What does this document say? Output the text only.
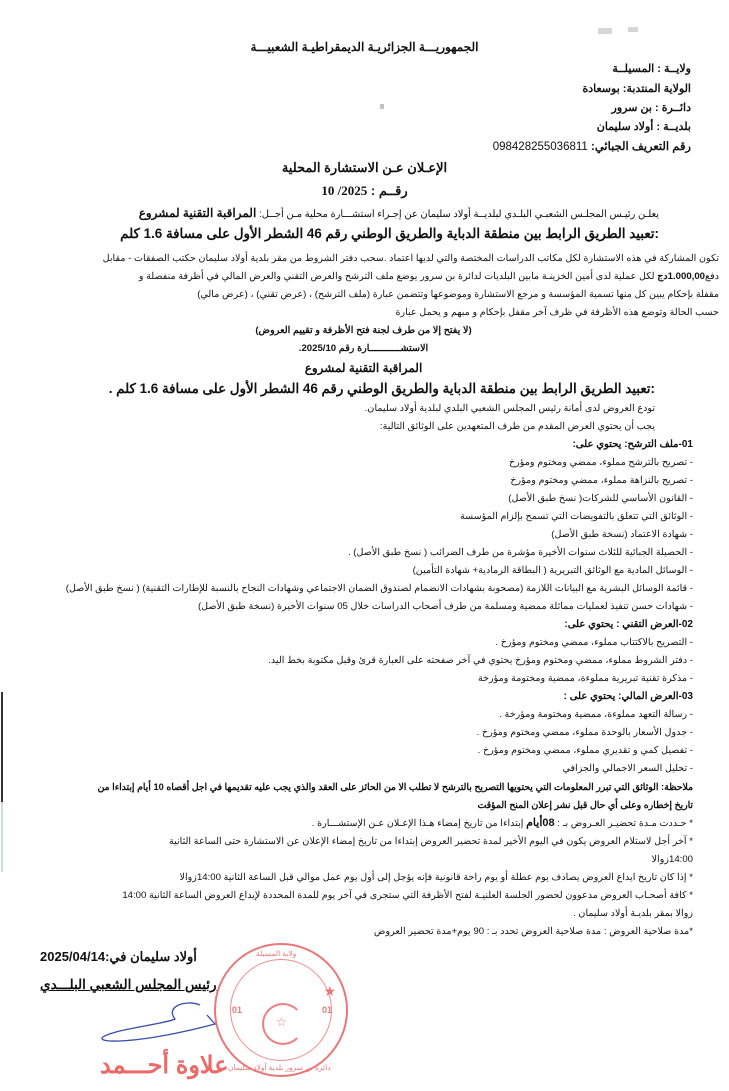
الجمهوريـــة الجزائريـة الديمقراطيـة الشعبيـــة
ولايــة : المسيلــة
الولاية المنتدبة: بوسعادة
دائــرة : بن سرور
بلديــة : أولاد سليمان
رقم التعريف الجبائي: 098428255036811
الإعـلان عـن الاستشارة المحلية
رقــم : 10 /2025
يعلـن رئيـس المجلـس الشعبـي البلـدي لبلديــة أولاد سليمان عن إجـراء استشـــارة محلية مـن أجــل: المراقبة التقنية لمشروع
:تعبيد الطريق الرابط بين منطقة الدباية والطريق الوطني رقم 46 الشطر الأول على مسافة 1.6 كلم
تكون المشاركة في هذه الاستشارة لكل مكاتب الدراسات المختصة والتي لديها اعتماد .سحب دفتر الشروط من مقر بلدية أولاد سليمان حكتب الصفقات - مقابل
دفع1.000,00دج لكل عملية لدى أمين الخزينـة مابين البلديات لدائرة بن سرور يوضع ملف الترشح والعرض التقني والعرض المالي في أظرفة منفصلة و
مقفلة بإحكام يبين كل منها تسمية المؤسسة و مرجع الاستشارة وموضوعها وتتضمن عبارة (ملف الترشح) ، (عرض تقني) ، (عرض مالي)
حسب الحالة وتوضع هذه الأظرفة في ظرف آخر مقفل بإحكام و مبهم و يحمل عبارة
(لا يفتح إلا من طرف لجنة فتح الأظرفة و تقييم العروض)
الاستشـــــــــــارة رقم 2025/10.
المراقبة التقنية لمشروع
:تعبيد الطريق الرابط بين منطقة الدباية والطريق الوطني رقم 46 الشطر الأول على مسافة 1.6 كلم .
تودع العروض لدى أمانة رئيس المجلس الشعبي البلدي لبلدية أولاد سليمان.
يجب أن يحتوي العرض المقدم من طرف المتعهدين على الوثائق التالية:
01-ملف الترشح: يحتوي على:
- تصريح بالترشح مملوء، ممضي ومختوم ومؤرخ
- تصريح بالنزاهة مملوء، ممضي ومختوم ومؤرخ
- القانون الأساسي للشركات( نسخ طبق الأصل)
- الوثائق التي تتعلق بالتفويضات التي تسمح بإلزام المؤسسة
- شهادة الاعتماد (نسخة طبق الأصل)
- الحصيلة الجبائية للثلاث سنوات الأخيرة مؤشرة من طرف الضرائب ( نسخ طبق الأصل) .
- الوسائل المادية مع الوثائق التبريرية ( البطاقة الرمادية+ شهادة التأمين)
- قائمة الوسائل البشرية مع البيانات اللازمة (مصحوبة بشهادات الانضمام لصندوق الضمان الاجتماعي وشهادات النجاح بالنسبة للإطارات التقنية) ( نسخ طبق الأصل)
- شهادات حسن تنفيذ لعمليات مماثلة ممضية ومسلمة من طرف أصحاب الدراسات خلال 05 سنوات الأخيرة (نسخة طبق الأصل)
02-العرض التقني : يحتوي على:
- التصريح بالاكتتاب مملوء، ممضي ومختوم ومؤرخ .
- دفتر الشروط مملوء، ممضي ومختوم ومؤرخ يحتوي في آخر صفحته على العبارة قرئ وقبل مكتوبة بخط اليد.
- مذكرة تقنية تبريرية مملوءة، ممضية ومختومة ومؤرخة
03-العرض المالي: يحتوي على :
- رسالة التعهد مملوءة، ممضية ومختومة ومؤرخة .
- جدول الأسعار بالوحدة مملوء، ممضي ومختوم ومؤرخ .
- تفصيل كمي و تقديري مملوء، ممضي ومختوم ومؤرخ .
- تحليل السعر الاجمالي والجزافي
ملاحظة: الوثائق التي تبرر المعلومات التي يحتويها التصريح بالترشح لا تطلب الا من الحائز على العقد والذي يجب عليه تقديمها في اجل أقصاه 10 أيام إبتداءا من
تاريخ إخطاره وعلى أي حال قبل نشر إعلان المنح المؤقت
* حـددت مـدة تحضيـر العـروض بـ : 08أيام إبتداءا من تاريخ إمضاء هـذا الإعـلان عـن الإستشـــارة .
* آخر أجل لاستلام العروض يكون في اليوم الأخير لمدة تحضير العروض إبتداءا من تاريخ إمضاء الإعلان عن الاستشارة حتى الساعة الثانية
14:00زوالا
* إذا كان تاريخ ايداع العروض يصادف يوم عطلة أو يوم راحة قانونية فإنه يؤجل إلى أول يوم عمل موالي قبل الساعة الثانية 14:00زوالا
* كافة أصحـاب العروض مدعوون لحضور الجلسة العلنيـة لفتح الأظرفة التي ستجرى في آخر يوم للمدة المحددة لإيداع العروض الساعة الثانية 14:00
زوالا بمقر بلديـة أولاد سليمان .
*مدة صلاحية العروض : مدة صلاحية العروض تحدد بـ : 90 يوم+مدة تحضير العروض
أولاد سليمان في:2025/04/14
رئيس المجلس الشعبي البلـــدي
علاوة أحـــمد
ولاية المسيلة
دائرة بن سرور بلدية أولاد سليمان
01	01
★
☆
